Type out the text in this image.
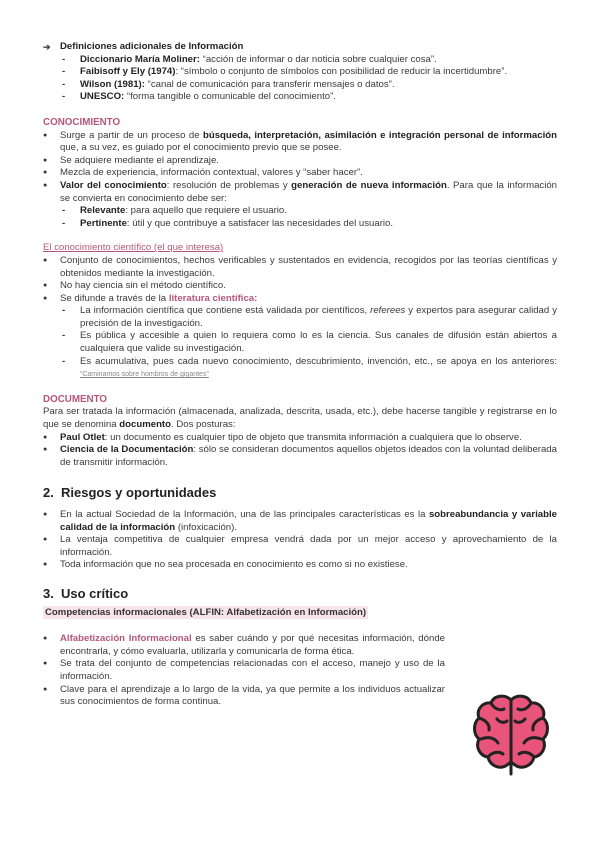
➔ Definiciones adicionales de Información

- Diccionario María Moliner: “acción de informar o dar noticia sobre cualquier cosa”.
- Faibisoff y Ely (1974): “símbolo o conjunto de símbolos con posibilidad de reducir la incertidumbre”.
- Wilson (1981): “canal de comunicación para transferir mensajes o datos”.
- UNESCO: “forma tangible o comunicable del conocimiento”.

CONOCIMIENTO

● Surge a partir de un proceso de búsqueda, interpretación, asimilación e integración personal de información que, a su vez, es guiado por el conocimiento previo que se posee.
● Se adquiere mediante el aprendizaje.
● Mezcla de experiencia, información contextual, valores y “saber hacer”.
● Valor del conocimiento: resolución de problemas y generación de nueva información. Para que la información se convierta en conocimiento debe ser:
- Relevante: para aquello que requiere el usuario.
- Pertinente: útil y que contribuye a satisfacer las necesidades del usuario.

El conocimiento científico (el que interesa)

● Conjunto de conocimientos, hechos verificables y sustentados en evidencia, recogidos por las teorías científicas y obtenidos mediante la investigación.
● No hay ciencia sin el método científico.
● Se difunde a través de la literatura científica:
- La información científica que contiene está validada por científicos, referees y expertos para asegurar calidad y precisión de la investigación.
- Es pública y accesible a quien lo requiera como lo es la ciencia. Sus canales de difusión están abiertos a cualquiera que valide su investigación.
- Es acumulativa, pues cada nuevo conocimiento, descubrimiento, invención, etc., se apoya en los anteriores: “Caminamos sobre hombros de gigantes”

DOCUMENTO

Para ser tratada la información (almacenada, analizada, descrita, usada, etc.), debe hacerse tangible y registrarse en lo que se denomina documento. Dos posturas:

● Paul Otlet: un documento es cualquier tipo de objeto que transmita información a cualquiera que lo observe.
● Ciencia de la Documentación: sólo se consideran documentos aquellos objetos ideados con la voluntad deliberada de transmitir información.

2. Riesgos y oportunidades

● En la actual Sociedad de la Información, una de las principales características es la sobreabundancia y variable calidad de la información (infoxicación).
● La ventaja competitiva de cualquier empresa vendrá dada por un mejor acceso y aprovechamiento de la información.
● Toda información que no sea procesada en conocimiento es como si no existiese.

3. Uso crítico

Competencias informacionales (ALFIN: Alfabetización en Información)

● Alfabetización Informacional es saber cuándo y por qué necesitas información, dónde encontrarla, y cómo evaluarla, utilizarla y comunicarla de forma ética.
● Se trata del conjunto de competencias relacionadas con el acceso, manejo y uso de la información.
● Clave para el aprendizaje a lo largo de la vida, ya que permite a los individuos actualizar sus conocimientos de forma continua.
